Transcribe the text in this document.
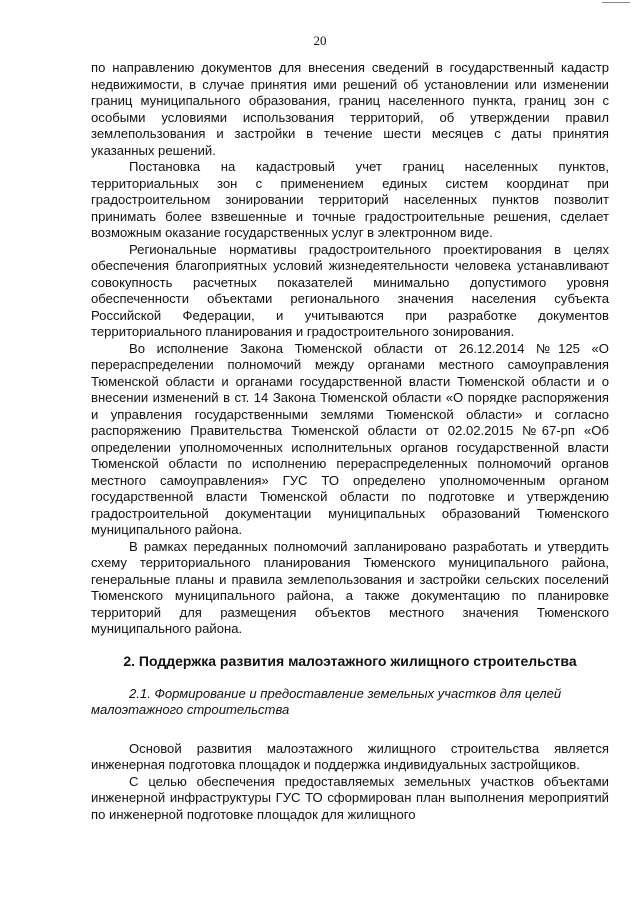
20

по направлению документов для внесения сведений в государственный кадастр недвижимости, в случае принятия ими решений об установлении или изменении границ муниципального образования, границ населенного пункта, границ зон с особыми условиями использования территорий, об утверждении правил землепользования и застройки в течение шести месяцев с даты принятия указанных решений.

Постановка на кадастровый учет границ населенных пунктов, территориальных зон с применением единых систем координат при градостроительном зонировании территорий населенных пунктов позволит принимать более взвешенные и точные градостроительные решения, сделает возможным оказание государственных услуг в электронном виде.

Региональные нормативы градостроительного проектирования в целях обеспечения благоприятных условий жизнедеятельности человека устанавливают совокупность расчетных показателей минимально допустимого уровня обеспеченности объектами регионального значения населения субъекта Российской Федерации, и учитываются при разработке документов территориального планирования и градостроительного зонирования.

Во исполнение Закона Тюменской области от 26.12.2014 №125 «О перераспределении полномочий между органами местного самоуправления Тюменской области и органами государственной власти Тюменской области и о внесении изменений в ст. 14 Закона Тюменской области «О порядке распоряжения и управления государственными землями Тюменской области» и согласно распоряжению Правительства Тюменской области от 02.02.2015 №67-рп «Об определении уполномоченных исполнительных органов государственной власти Тюменской области по исполнению перераспределенных полномочий органов местного самоуправления» ГУС ТО определено уполномоченным органом государственной власти Тюменской области по подготовке и утверждению градостроительной документации муниципальных образований Тюменского муниципального района.

В рамках переданных полномочий запланировано разработать и утвердить схему территориального планирования Тюменского муниципального района, генеральные планы и правила землепользования и застройки сельских поселений Тюменского муниципального района, а также документацию по планировке территорий для размещения объектов местного значения Тюменского муниципального района.

2. Поддержка развития малоэтажного жилищного строительства
2.1. Формирование и предоставление земельных участков для целей малоэтажного строительства

Основой развития малоэтажного жилищного строительства является инженерная подготовка площадок и поддержка индивидуальных застройщиков.

С целью обеспечения предоставляемых земельных участков объектами инженерной инфраструктуры ГУС ТО сформирован план выполнения мероприятий по инженерной подготовке площадок для жилищного
